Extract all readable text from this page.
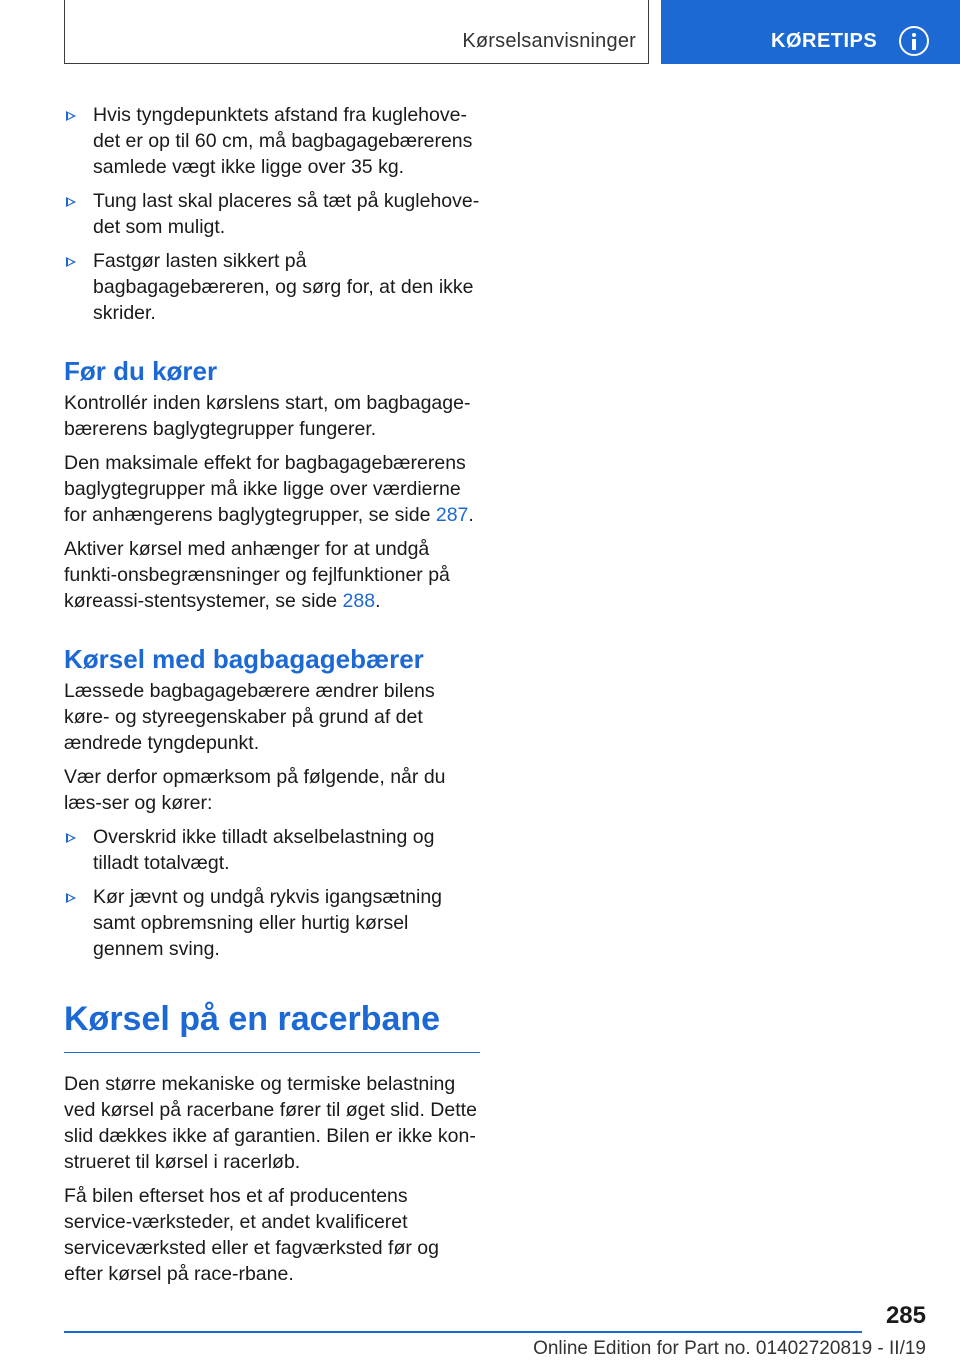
Kørselsanvisninger	KØRETIPS
Hvis tyngdepunktets afstand fra kuglehove-det er op til 60 cm, må bagbagagebærerens samlede vægt ikke ligge over 35 kg.
Tung last skal placeres så tæt på kuglehove-det som muligt.
Fastgør lasten sikkert på bagbagagebæreren, og sørg for, at den ikke skrider.
Før du kører

Kontrollér inden kørslens start, om bagbagage-bærerens baglygtegrupper fungerer.

Den maksimale effekt for bagbagagebærerens baglygtegrupper må ikke ligge over værdierne for anhængerens baglygtegrupper, se side 287.

Aktiver kørsel med anhænger for at undgå funkti-onsbegrænsninger og fejlfunktioner på køreassi-stentsystemer, se side 288.

Kørsel med bagbagagebærer

Læssede bagbagagebærere ændrer bilens køre- og styreegenskaber på grund af det ændrede tyngdepunkt.

Vær derfor opmærksom på følgende, når du læs-ser og kører:

Overskrid ikke tilladt akselbelastning og tilladt totalvægt.
Kør jævnt og undgå rykvis igangsætning samt opbremsning eller hurtig kørsel gennem sving.
Kørsel på en racerbane

Den større mekaniske og termiske belastning ved kørsel på racerbane fører til øget slid. Dette slid dækkes ikke af garantien. Bilen er ikke kon-strueret til kørsel i racerløb.

Få bilen efterset hos et af producentens service-værksteder, et andet kvalificeret serviceværksted eller et fagværksted før og efter kørsel på race-rbane.

285
Online Edition for Part no. 01402720819 - II/19
